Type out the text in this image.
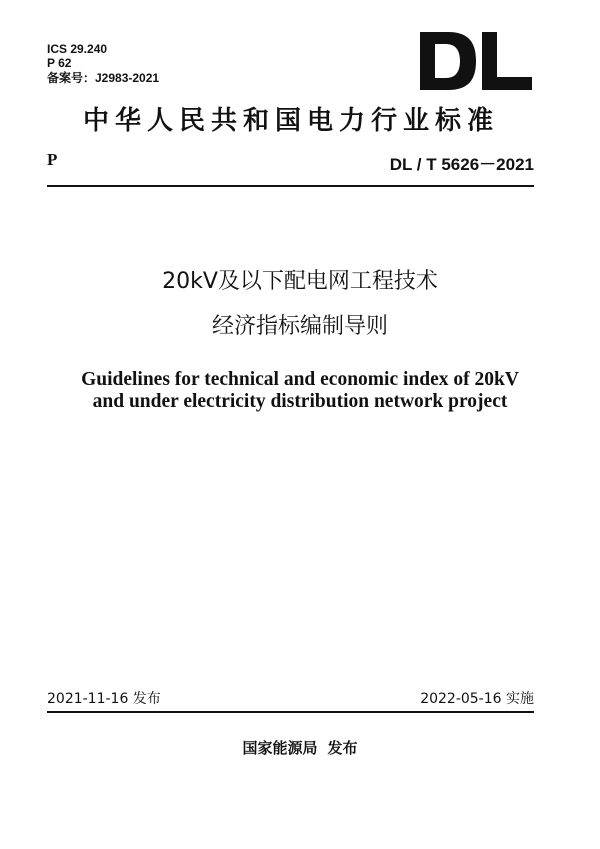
ICS 29.240
P 62
备案号：J2983-2021
中华人民共和国电力行业标准
P	DL / T 5626－2021
20kV及以下配电网工程技术
经济指标编制导则
Guidelines for technical and economic index of 20kV
and under electricity distribution network project
2021-11-16 发布	2022-05-16 实施
国家能源局 发布
